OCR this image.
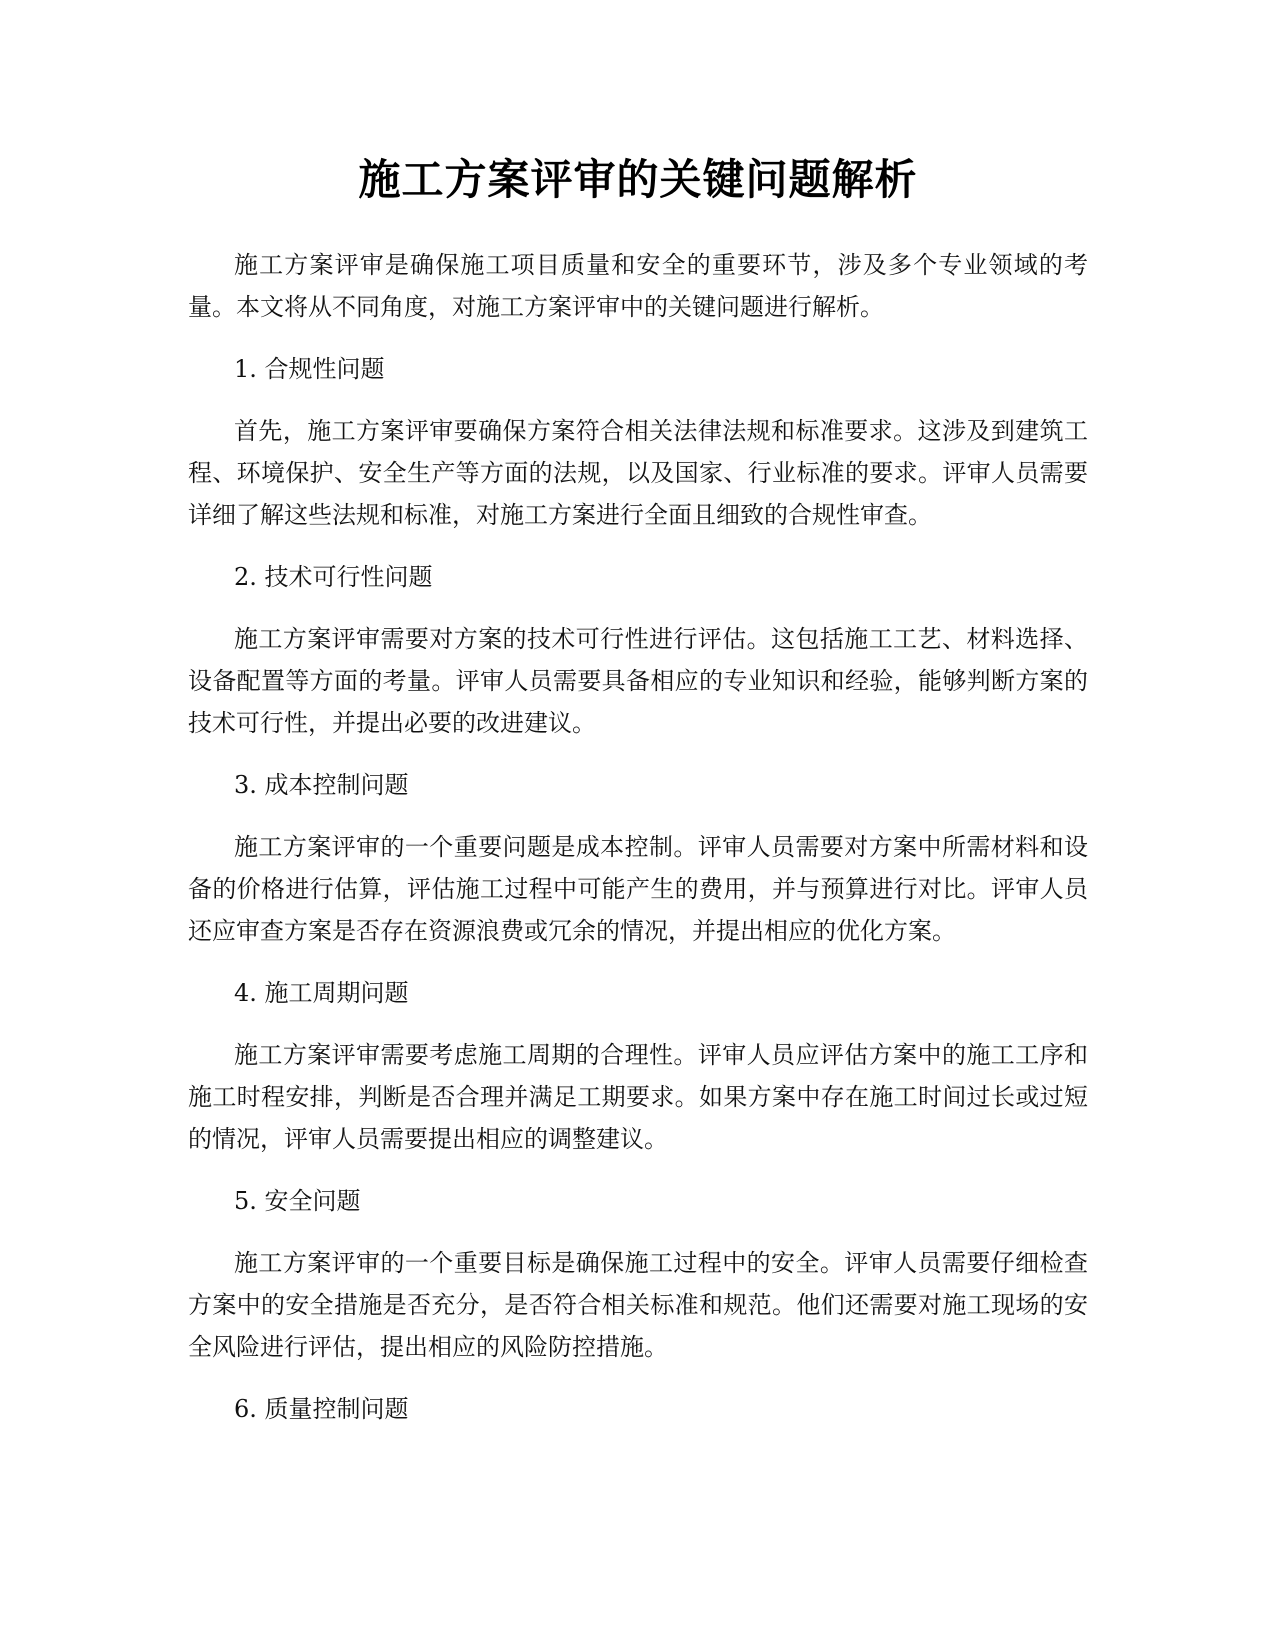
施工方案评审的关键问题解析

施工方案评审是确保施工项目质量和安全的重要环节，涉及多个专业领域的考量。本文将从不同角度，对施工方案评审中的关键问题进行解析。

1. 合规性问题

首先，施工方案评审要确保方案符合相关法律法规和标准要求。这涉及到建筑工程、环境保护、安全生产等方面的法规，以及国家、行业标准的要求。评审人员需要详细了解这些法规和标准，对施工方案进行全面且细致的合规性审查。

2. 技术可行性问题

施工方案评审需要对方案的技术可行性进行评估。这包括施工工艺、材料选择、设备配置等方面的考量。评审人员需要具备相应的专业知识和经验，能够判断方案的技术可行性，并提出必要的改进建议。

3. 成本控制问题

施工方案评审的一个重要问题是成本控制。评审人员需要对方案中所需材料和设备的价格进行估算，评估施工过程中可能产生的费用，并与预算进行对比。评审人员还应审查方案是否存在资源浪费或冗余的情况，并提出相应的优化方案。

4. 施工周期问题

施工方案评审需要考虑施工周期的合理性。评审人员应评估方案中的施工工序和施工时程安排，判断是否合理并满足工期要求。如果方案中存在施工时间过长或过短的情况，评审人员需要提出相应的调整建议。

5. 安全问题

施工方案评审的一个重要目标是确保施工过程中的安全。评审人员需要仔细检查方案中的安全措施是否充分，是否符合相关标准和规范。他们还需要对施工现场的安全风险进行评估，提出相应的风险防控措施。

6. 质量控制问题
